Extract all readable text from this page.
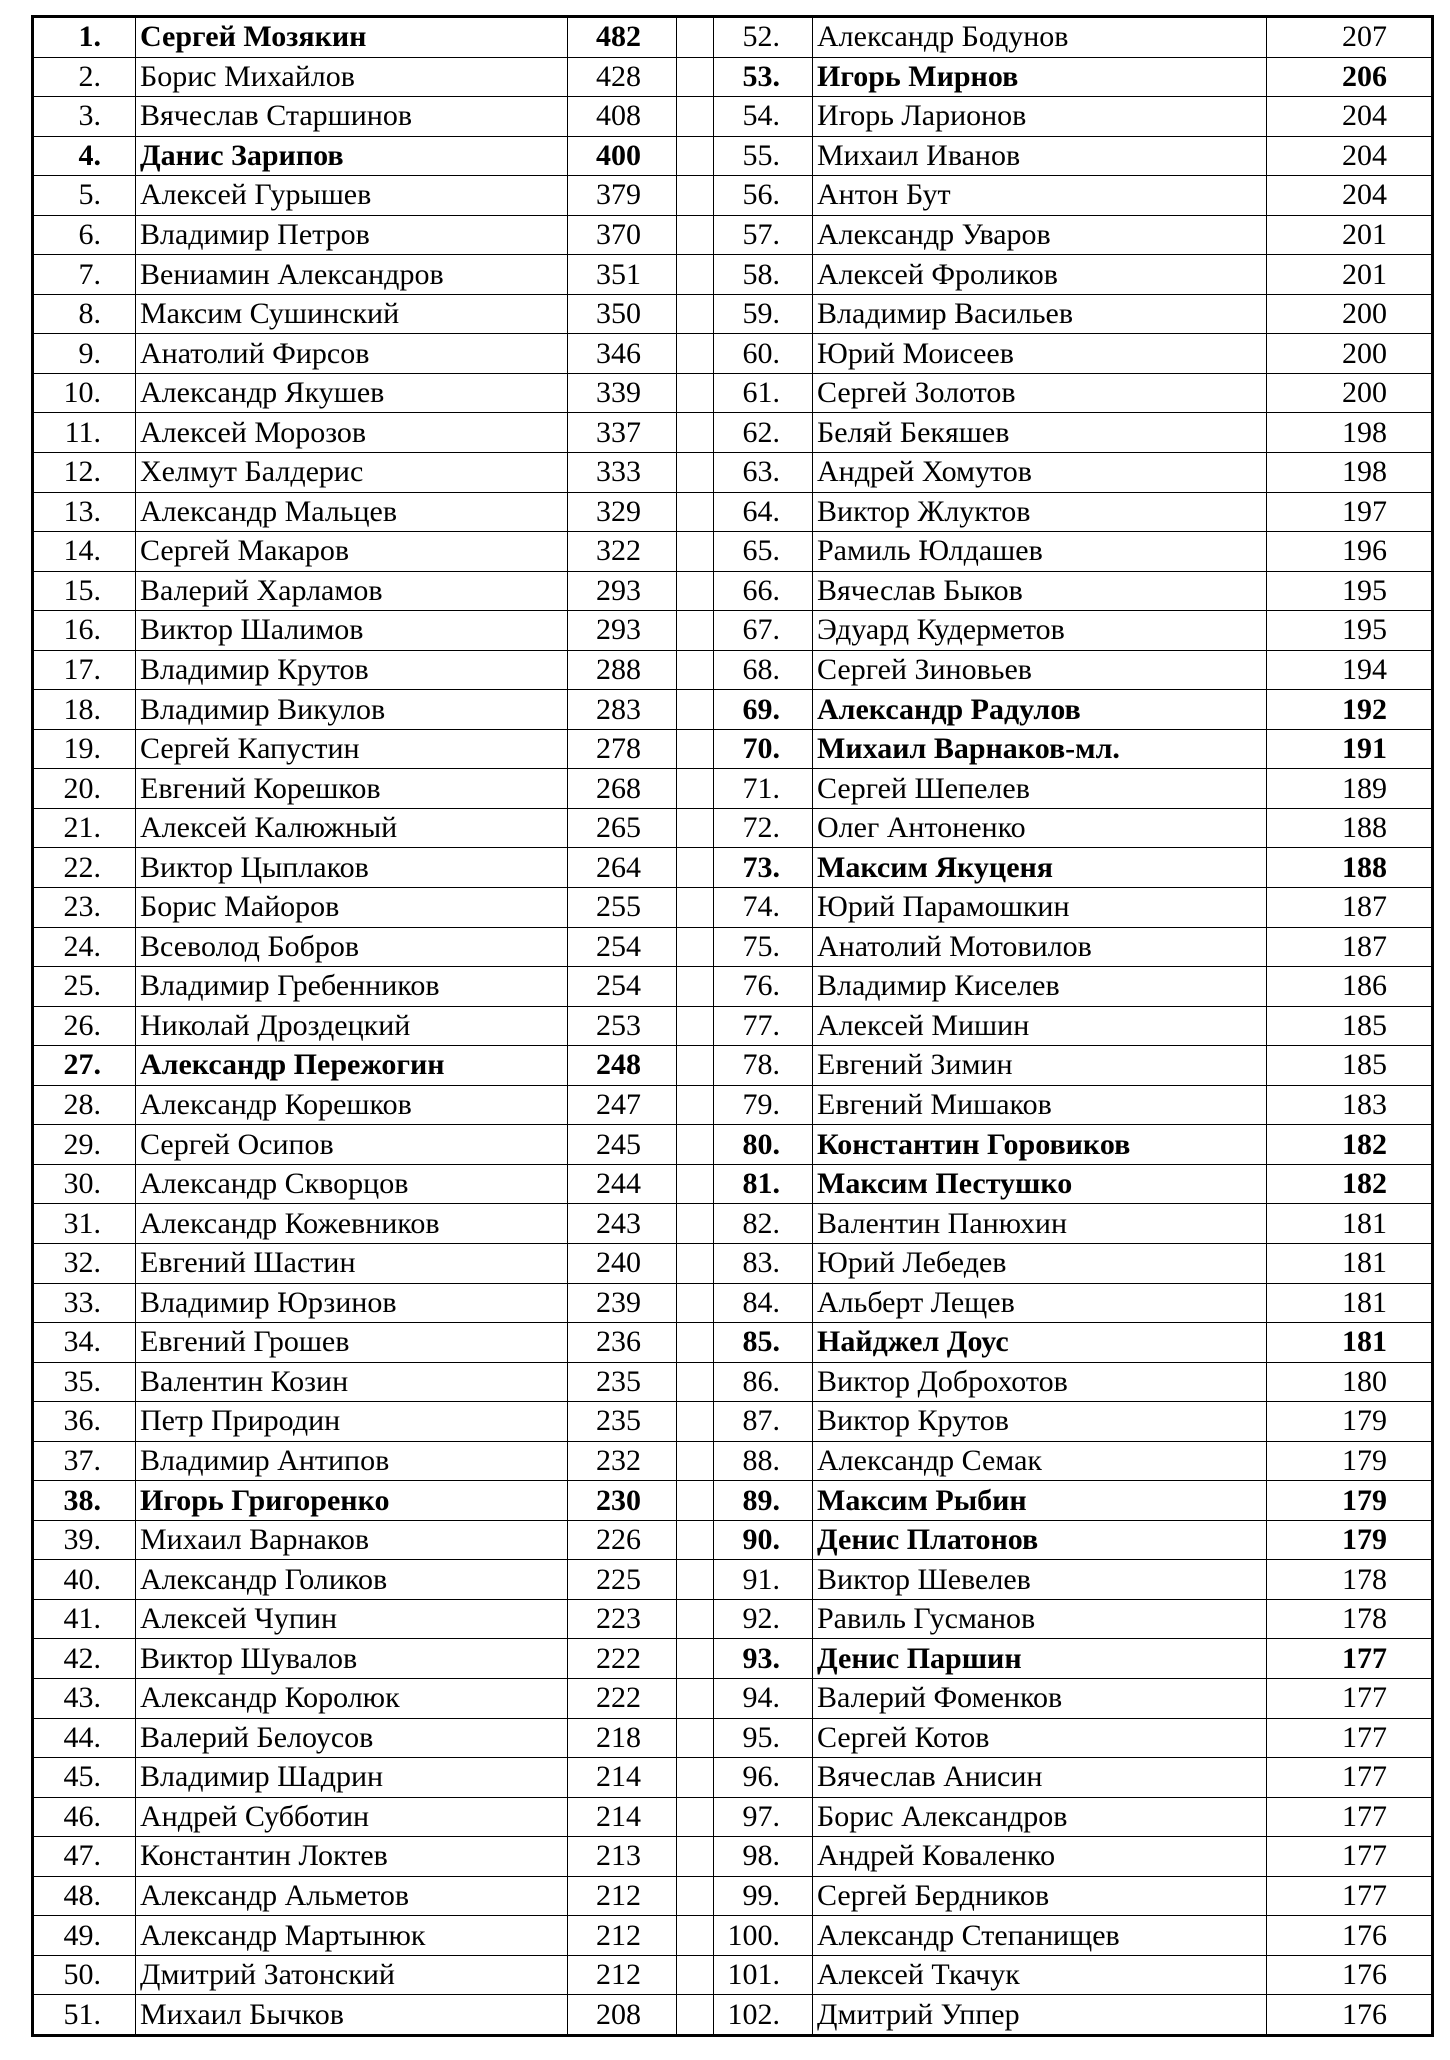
1.	Сергей Мозякин	482		52.	Александр Бодунов	207
2.	Борис Михайлов	428		53.	Игорь Мирнов	206
3.	Вячеслав Старшинов	408		54.	Игорь Ларионов	204
4.	Данис Зарипов	400		55.	Михаил Иванов	204
5.	Алексей Гурышев	379		56.	Антон Бут	204
6.	Владимир Петров	370		57.	Александр Уваров	201
7.	Вениамин Александров	351		58.	Алексей Фроликов	201
8.	Максим Сушинский	350		59.	Владимир Васильев	200
9.	Анатолий Фирсов	346		60.	Юрий Моисеев	200
10.	Александр Якушев	339		61.	Сергей Золотов	200
11.	Алексей Морозов	337		62.	Беляй Бекяшев	198
12.	Хелмут Балдерис	333		63.	Андрей Хомутов	198
13.	Александр Мальцев	329		64.	Виктор Жлуктов	197
14.	Сергей Макаров	322		65.	Рамиль Юлдашев	196
15.	Валерий Харламов	293		66.	Вячеслав Быков	195
16.	Виктор Шалимов	293		67.	Эдуард Кудерметов	195
17.	Владимир Крутов	288		68.	Сергей Зиновьев	194
18.	Владимир Викулов	283		69.	Александр Радулов	192
19.	Сергей Капустин	278		70.	Михаил Варнаков-мл.	191
20.	Евгений Корешков	268		71.	Сергей Шепелев	189
21.	Алексей Калюжный	265		72.	Олег Антоненко	188
22.	Виктор Цыплаков	264		73.	Максим Якуценя	188
23.	Борис Майоров	255		74.	Юрий Парамошкин	187
24.	Всеволод Бобров	254		75.	Анатолий Мотовилов	187
25.	Владимир Гребенников	254		76.	Владимир Киселев	186
26.	Николай Дроздецкий	253		77.	Алексей Мишин	185
27.	Александр Пережогин	248		78.	Евгений Зимин	185
28.	Александр Корешков	247		79.	Евгений Мишаков	183
29.	Сергей Осипов	245		80.	Константин Горовиков	182
30.	Александр Скворцов	244		81.	Максим Пестушко	182
31.	Александр Кожевников	243		82.	Валентин Панюхин	181
32.	Евгений Шастин	240		83.	Юрий Лебедев	181
33.	Владимир Юрзинов	239		84.	Альберт Лещев	181
34.	Евгений Грошев	236		85.	Найджел Доус	181
35.	Валентин Козин	235		86.	Виктор Доброхотов	180
36.	Петр Природин	235		87.	Виктор Крутов	179
37.	Владимир Антипов	232		88.	Александр Семак	179
38.	Игорь Григоренко	230		89.	Максим Рыбин	179
39.	Михаил Варнаков	226		90.	Денис Платонов	179
40.	Александр Голиков	225		91.	Виктор Шевелев	178
41.	Алексей Чупин	223		92.	Равиль Гусманов	178
42.	Виктор Шувалов	222		93.	Денис Паршин	177
43.	Александр Королюк	222		94.	Валерий Фоменков	177
44.	Валерий Белоусов	218		95.	Сергей Котов	177
45.	Владимир Шадрин	214		96.	Вячеслав Анисин	177
46.	Андрей Субботин	214		97.	Борис Александров	177
47.	Константин Локтев	213		98.	Андрей Коваленко	177
48.	Александр Альметов	212		99.	Сергей Бердников	177
49.	Александр Мартынюк	212		100.	Александр Степанищев	176
50.	Дмитрий Затонский	212		101.	Алексей Ткачук	176
51.	Михаил Бычков	208		102.	Дмитрий Уппер	176
